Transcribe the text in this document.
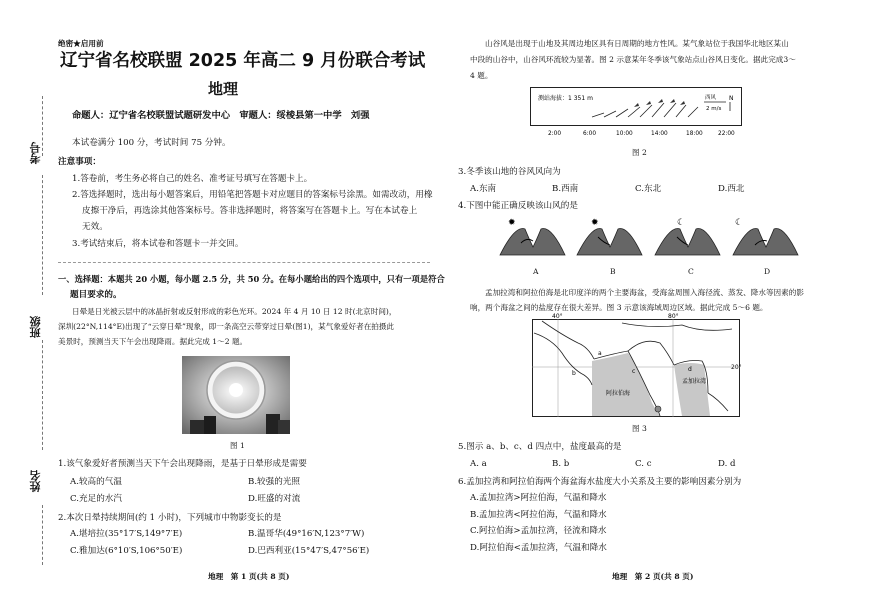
考号
班级
姓名
绝密★启用前
辽宁省名校联盟 2025 年高二 9 月份联合考试
地理
命题人：辽宁省名校联盟试题研发中心　审题人：绥棱县第一中学　刘强
本试卷满分 100 分，考试时间 75 分钟。
注意事项：
1.答卷前，考生务必将自己的姓名、准考证号填写在答题卡上。
2.答选择题时，选出每小题答案后，用铅笔把答题卡对应题目的答案标号涂黑。如需改动，用橡
皮擦干净后，再选涂其他答案标号。答非选择题时，将答案写在答题卡上。写在本试卷上
无效。
3.考试结束后，将本试卷和答题卡一并交回。
一、选择题：本题共 20 小题，每小题 2.5 分，共 50 分。在每小题给出的四个选项中，只有一项是符合
题目要求的。
日晕是日光被云层中的冰晶折射或反射形成的彩色光环。2024 年 4 月 10 日 12 时(北京时间)，
深圳(22°N,114°E)出现了“云穿日晕”现象，即一条高空云带穿过日晕(图1)，某气象爱好者在拍摄此
美景时，预测当天下午会出现降雨。据此完成 1～2 题。
图 1
1.该气象爱好者预测当天下午会出现降雨，是基于日晕形成是需要
A.较高的气温	B.较强的光照
C.充足的水汽	D.旺盛的对流
2.本次日晕持续期间(约 1 小时)，下列城市中物影变长的是
A.堪培拉(35°17′S,149°7′E)	B.温哥华(49°16′N,123°7′W)
C.雅加达(6°10′S,106°50′E)	D.巴西利亚(15°47′S,47°56′E)
地理　第 1 页(共 8 页)
山谷风是出现于山地及其周边地区具有日周期的地方性风。某气象站位于我国华北地区某山
中段的山谷中，山谷风环流较为显著。图 2 示意某年冬季该气象站点山谷风日变化。据此完成3～
4 题。
测站海拔：1 351 m	西风
2 m/s
N
2:00	6:00	10:00	14:00	18:00	22:00
图 2
3.冬季该山地的谷风风向为
A.东南	B.西南	C.东北	D.西北
4.下图中能正确反映该山风的是
✹	✹	☾	☾
A	B	C	D
孟加拉湾和阿拉伯海是北印度洋的两个主要海盆，受海盆周围入海径流、蒸发、降水等因素的影
响，两个海盆之间的盐度存在很大差异。图 3 示意该海域周边区域。据此完成 5～6 题。
40°	80°
20°
阿拉伯海
孟加拉湾
a
b	c	d
图 3
5.图示 a、b、c、d 四点中，盐度最高的是
A. a	B. b	C. c	D. d
6.孟加拉湾和阿拉伯海两个海盆海水盐度大小关系及主要的影响因素分别为
A.孟加拉湾>阿拉伯海，气温和降水
B.孟加拉湾<阿拉伯海，气温和降水
C.阿拉伯海>孟加拉湾，径流和降水
D.阿拉伯海<孟加拉湾，气温和降水
地理　第 2 页(共 8 页)
